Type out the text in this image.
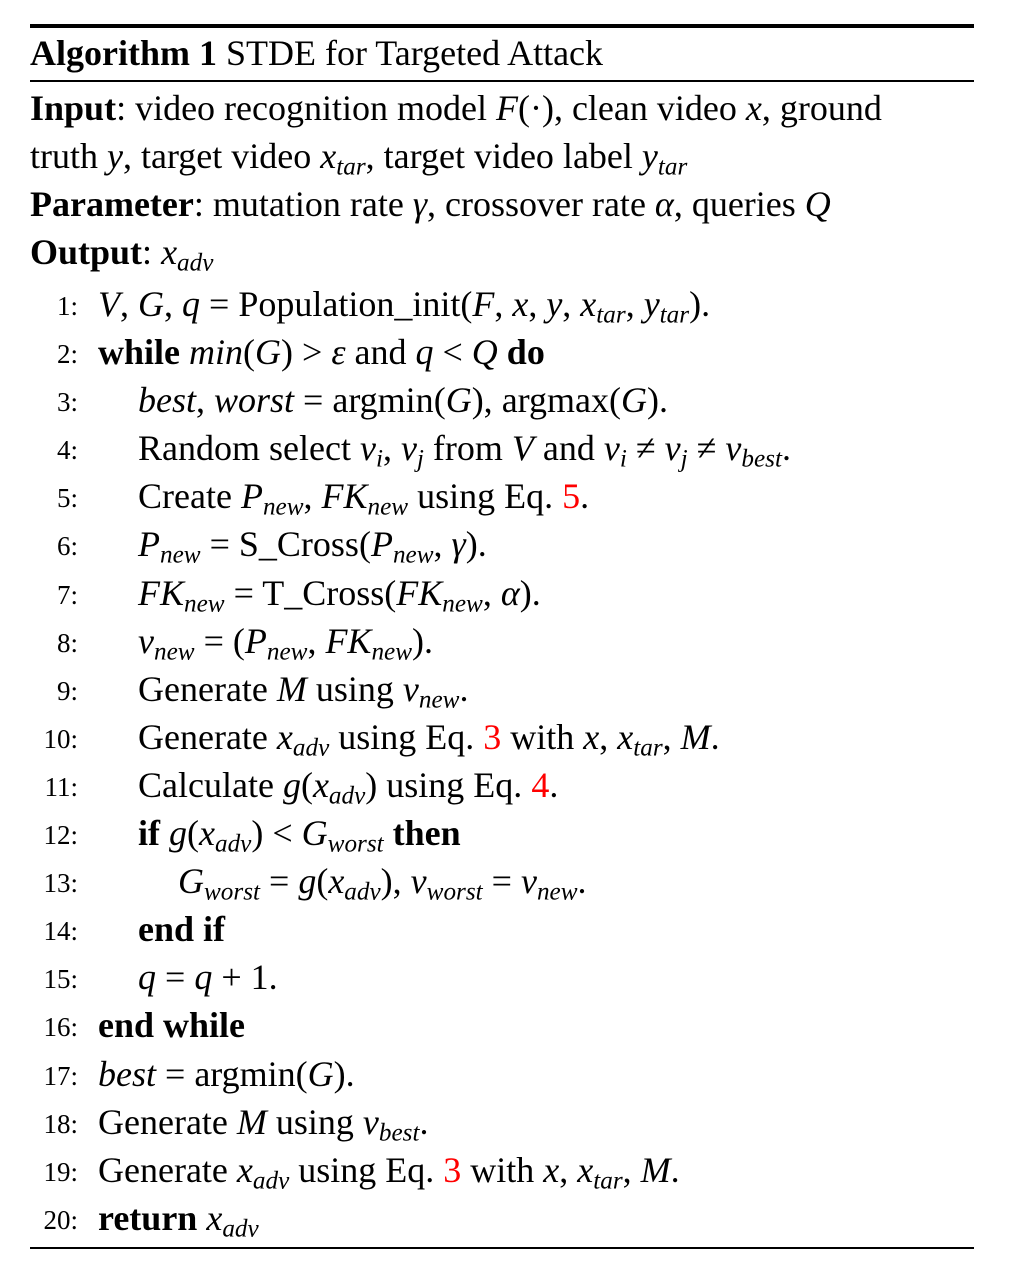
Algorithm 1 STDE for Targeted Attack
Input: video recognition model F(·), clean video x, ground
truth y, target video $x_{tar}$, target video label $y_{tar}$
Parameter: mutation rate γ, crossover rate α, queries Q
Output: $x_{adv}$
1: V, G, q = Population_init(F, x, y, $x_{tar}$, $y_{tar}$).
2: while min(G) > ε and q < Q do
3: best, worst = argmin(G), argmax(G).
4: Random select $v_i$, $v_j$ from V and $v_i \ne v_j \ne v_{best}$.
5: Create $P_{new}$, $FK_{new}$ using Eq. 5.
6: $P_{new}$ = $S\_Cross(P_{new}$, γ).
7: $FK_{new}$ = $T\_Cross(FK_{new}$, α).
8: $v_{new} = (P_{new}$, $FK_{new}$).
9: Generate M using $v_{new}$.
10: Generate $x_{adv}$ using Eq. 3 with x, $x_{tar}$, M.
11: Calculate $g(x_{adv})$ using Eq. 4.
12: if $g(x_{adv}) < G_{worst}$ then
13:	$G_{worst} = g(x_{adv})$, $v_{worst} = v_{new}$.
14: end if
15: q = q + 1.
16: end while
17: best = argmin(G).
18: Generate M using $v_{best}$.
19: Generate $x_{adv}$ using Eq. 3 with x, $x_{tar}$, M.
20: return $x_{adv}$
